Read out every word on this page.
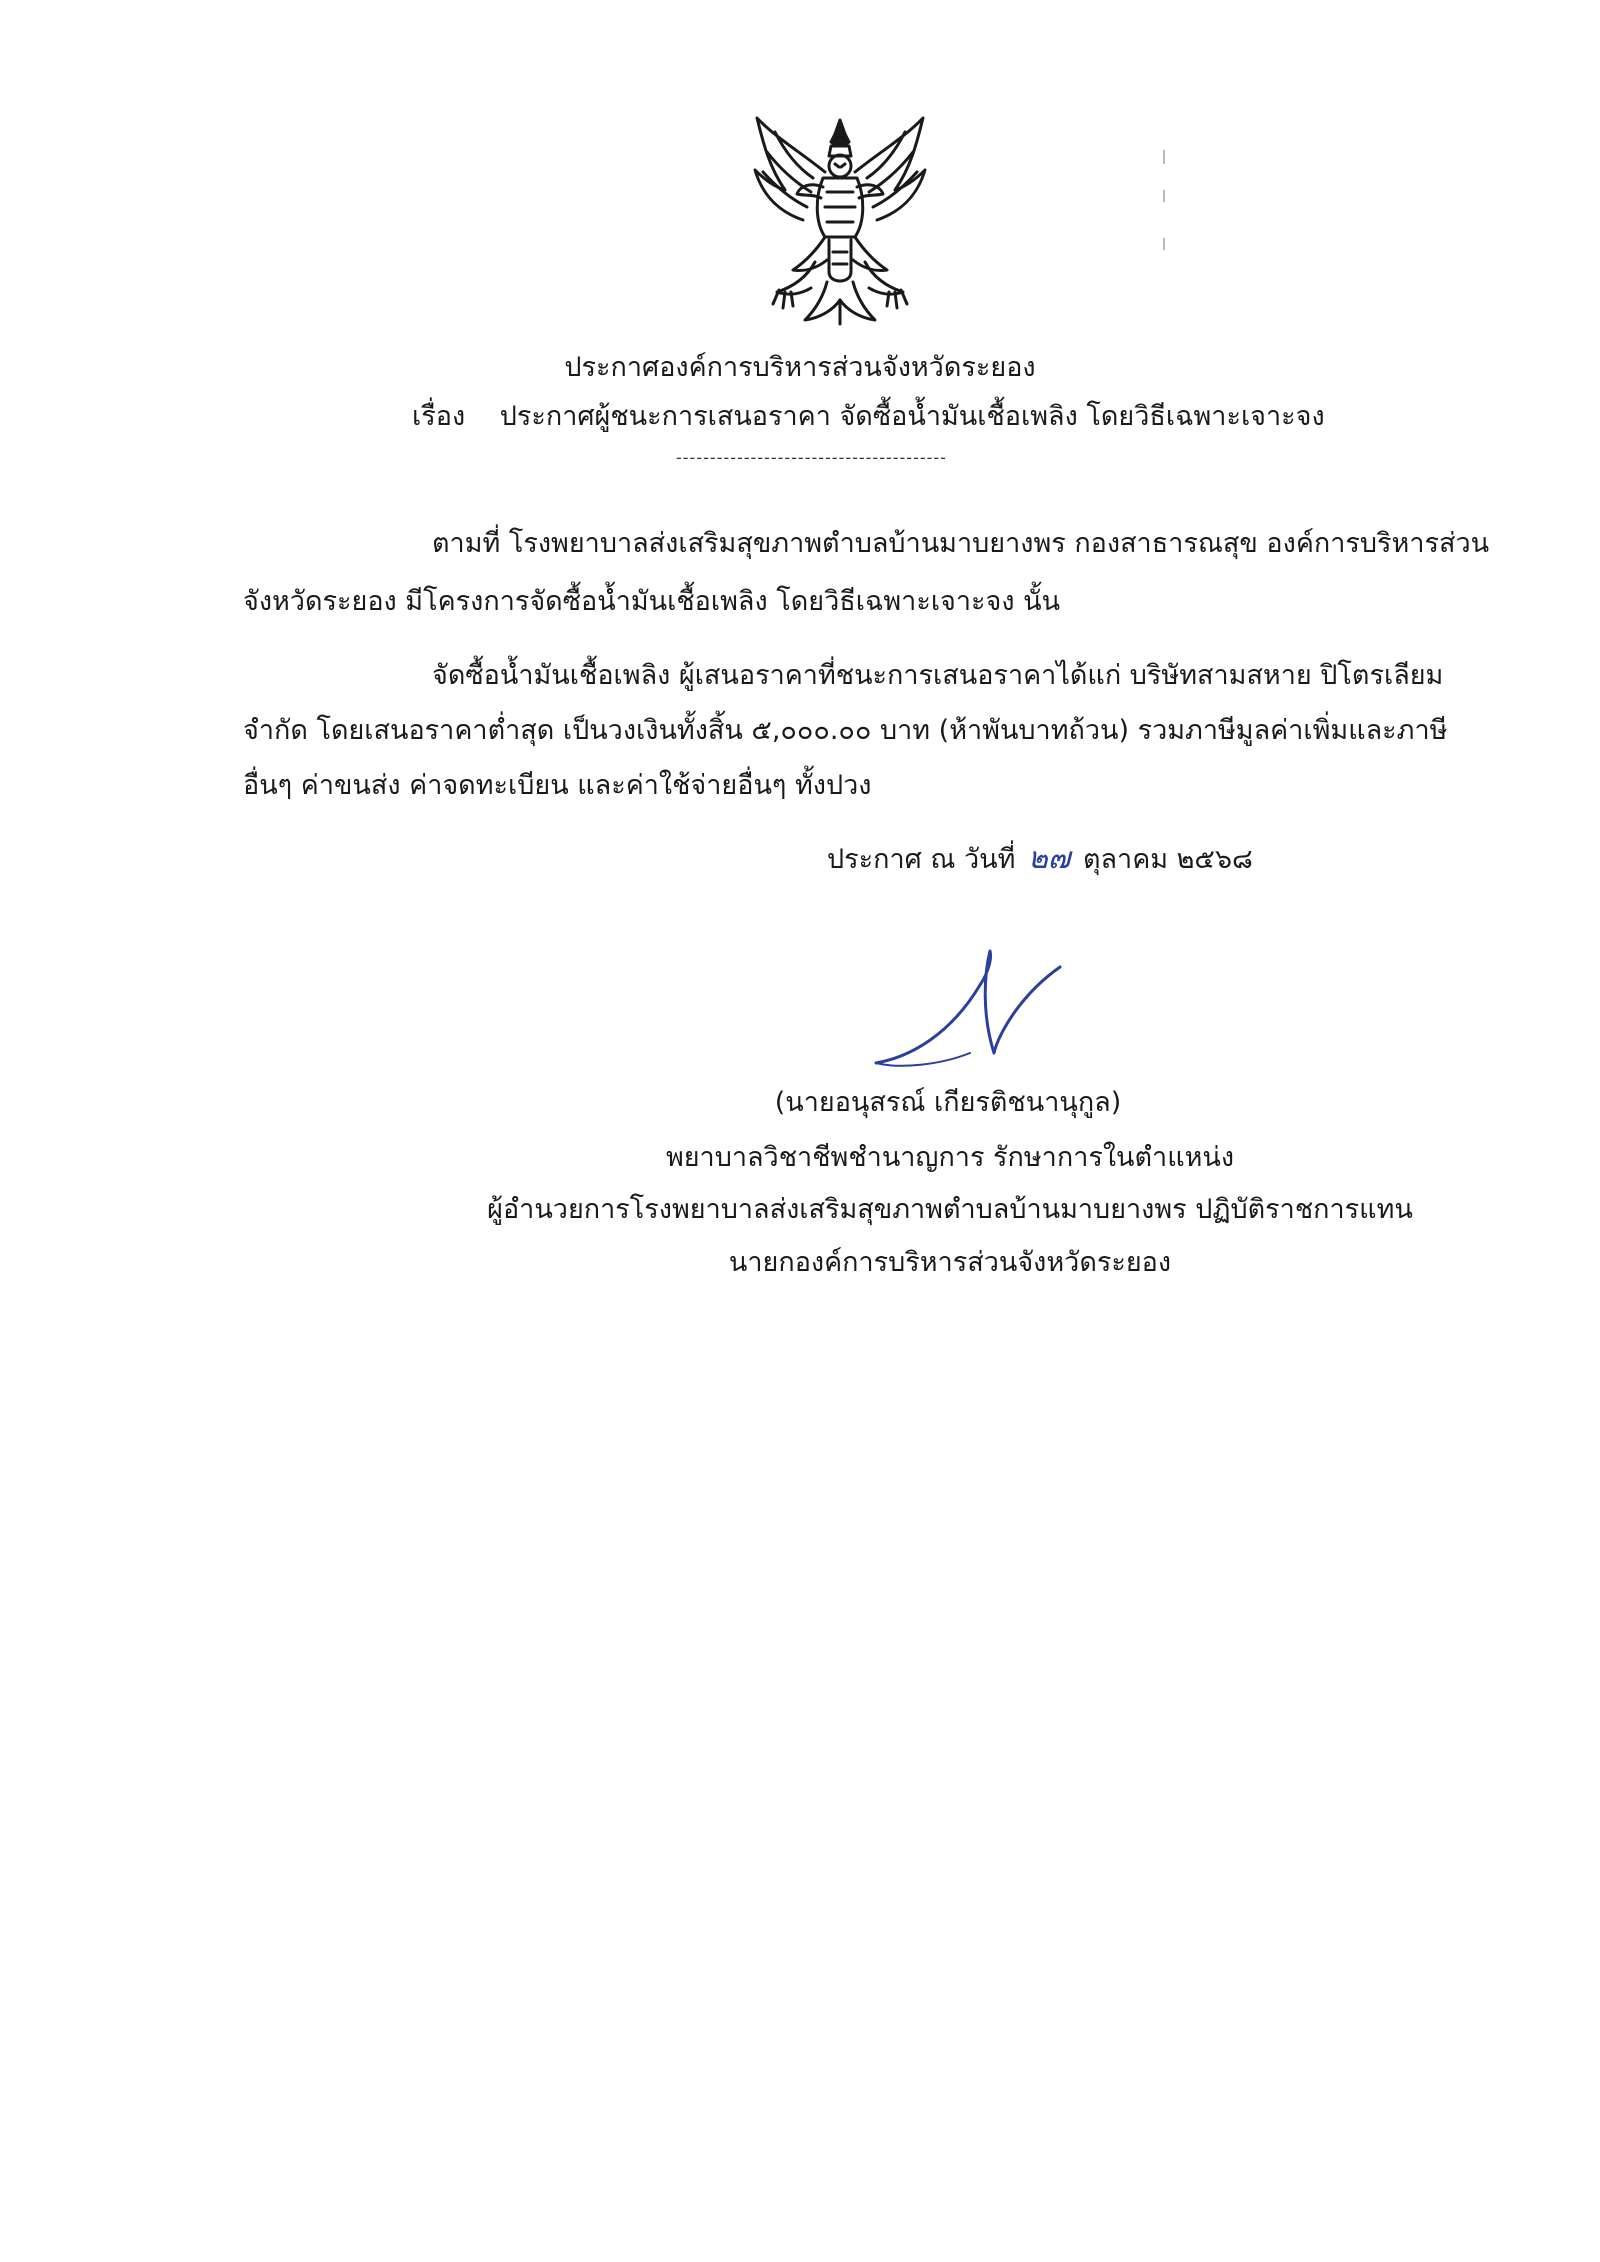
ประกาศองค์การบริหารส่วนจังหวัดระยอง
เรื่อง ประกาศผู้ชนะการเสนอราคา จัดซื้อน้ำมันเชื้อเพลิง โดยวิธีเฉพาะเจาะจง
----------------------------------------
ตามที่ โรงพยาบาลส่งเสริมสุขภาพตำบลบ้านมาบยางพร กองสาธารณสุข องค์การบริหารส่วน
จังหวัดระยอง มีโครงการจัดซื้อน้ำมันเชื้อเพลิง โดยวิธีเฉพาะเจาะจง นั้น
จัดซื้อน้ำมันเชื้อเพลิง ผู้เสนอราคาที่ชนะการเสนอราคาได้แก่ บริษัทสามสหาย ปิโตรเลียม
จำกัด โดยเสนอราคาต่ำสุด เป็นวงเงินทั้งสิ้น ๕,๐๐๐.๐๐ บาท (ห้าพันบาทถ้วน) รวมภาษีมูลค่าเพิ่มและภาษี
อื่นๆ ค่าขนส่ง ค่าจดทะเบียน และค่าใช้จ่ายอื่นๆ ทั้งปวง
ประกาศ ณ วันที่ ๒๗ ตุลาคม ๒๕๖๘
(นายอนุสรณ์ เกียรติชนานุกูล)
พยาบาลวิชาชีพชำนาญการ รักษาการในตำแหน่ง
ผู้อำนวยการโรงพยาบาลส่งเสริมสุขภาพตำบลบ้านมาบยางพร ปฏิบัติราชการแทน
นายกองค์การบริหารส่วนจังหวัดระยอง
